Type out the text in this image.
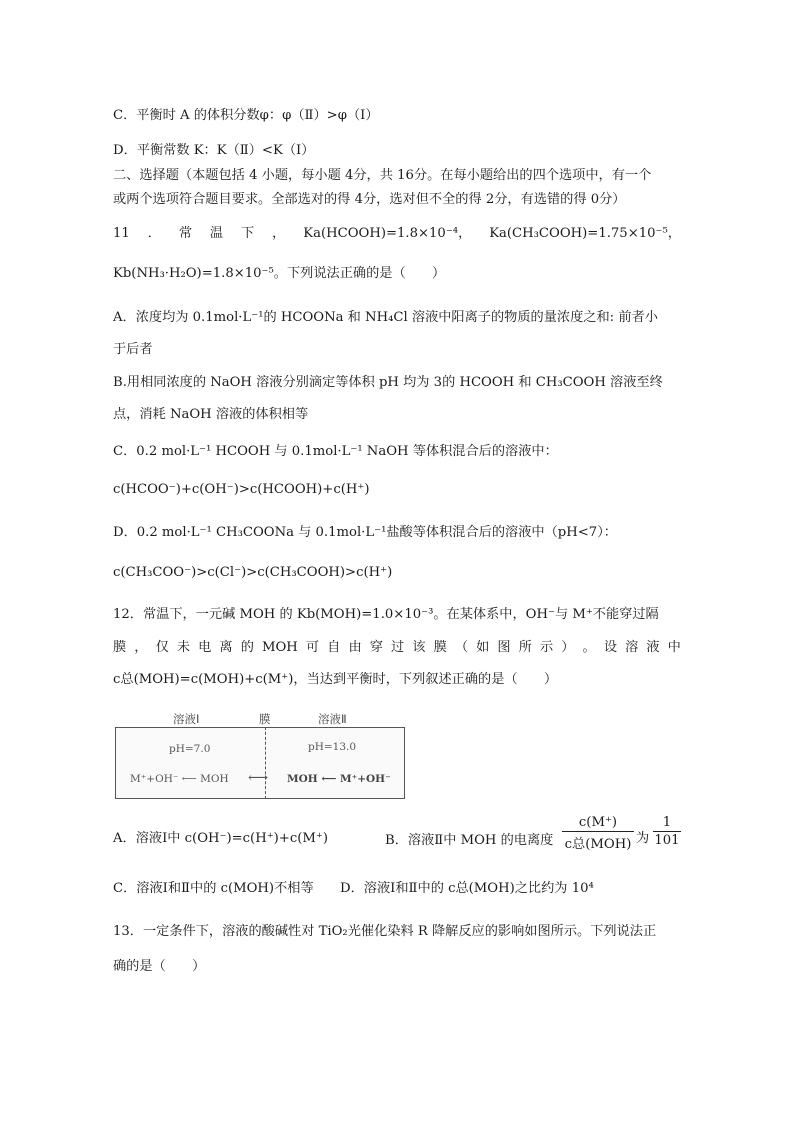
C．平衡时 A 的体积分数φ：φ（Ⅱ）>φ（Ⅰ）
D．平衡常数 K：K（Ⅱ）<K（Ⅰ）
二、选择题（本题包括 4 小题，每小题 4分，共 16分。在每小题给出的四个选项中，有一个
或两个选项符合题目要求。全部选对的得 4分，选对但不全的得 2分，有选错的得 0分）
11 ． 常 温 下 ， Ka(HCOOH)=1.8×10⁻⁴， Ka(CH₃COOH)=1.75×10⁻⁵，
Kb(NH₃·H₂O)=1.8×10⁻⁵。下列说法正确的是（　　）
A．浓度均为 0.1mol·L⁻¹的 HCOONa 和 NH₄Cl 溶液中阳离子的物质的量浓度之和: 前者小
于后者
B.用相同浓度的 NaOH 溶液分别滴定等体积 pH 均为 3的 HCOOH 和 CH₃COOH 溶液至终
点，消耗 NaOH 溶液的体积相等
C．0.2 mol·L⁻¹ HCOOH 与 0.1mol·L⁻¹ NaOH 等体积混合后的溶液中：
c(HCOO⁻)+c(OH⁻)>c(HCOOH)+c(H⁺)
D．0.2 mol·L⁻¹ CH₃COONa 与 0.1mol·L⁻¹盐酸等体积混合后的溶液中（pH<7）：
c(CH₃COO⁻)>c(Cl⁻)>c(CH₃COOH)>c(H⁺)
12．常温下，一元碱 MOH 的 Kb(MOH)=1.0×10⁻³。在某体系中，OH⁻与 M⁺不能穿过隔
膜 ， 仅 未 电 离 的 MOH 可 自 由 穿 过 该 膜 （ 如 图 所 示 ） 。 设 溶 液 中
c总(MOH)=c(MOH)+c(M⁺)，当达到平衡时，下列叙述正确的是（　　）
溶液Ⅰ	膜	溶液Ⅱ
pH=7.0	pH=13.0
M⁺+OH⁻ ⟵ MOH ⟷ MOH ⟵ M⁺+OH⁻
A．溶液Ⅰ中 c(OH⁻)=c(H⁺)+c(M⁺)	B．溶液Ⅱ中 MOH 的电离度
c(M⁺)
c总(MOH) 为
1
101
C．溶液Ⅰ和Ⅱ中的 c(MOH)不相等　　D．溶液Ⅰ和Ⅱ中的 c总(MOH)之比约为 10⁴
13．一定条件下，溶液的酸碱性对 TiO₂光催化染料 R 降解反应的影响如图所示。下列说法正
确的是（　　）
